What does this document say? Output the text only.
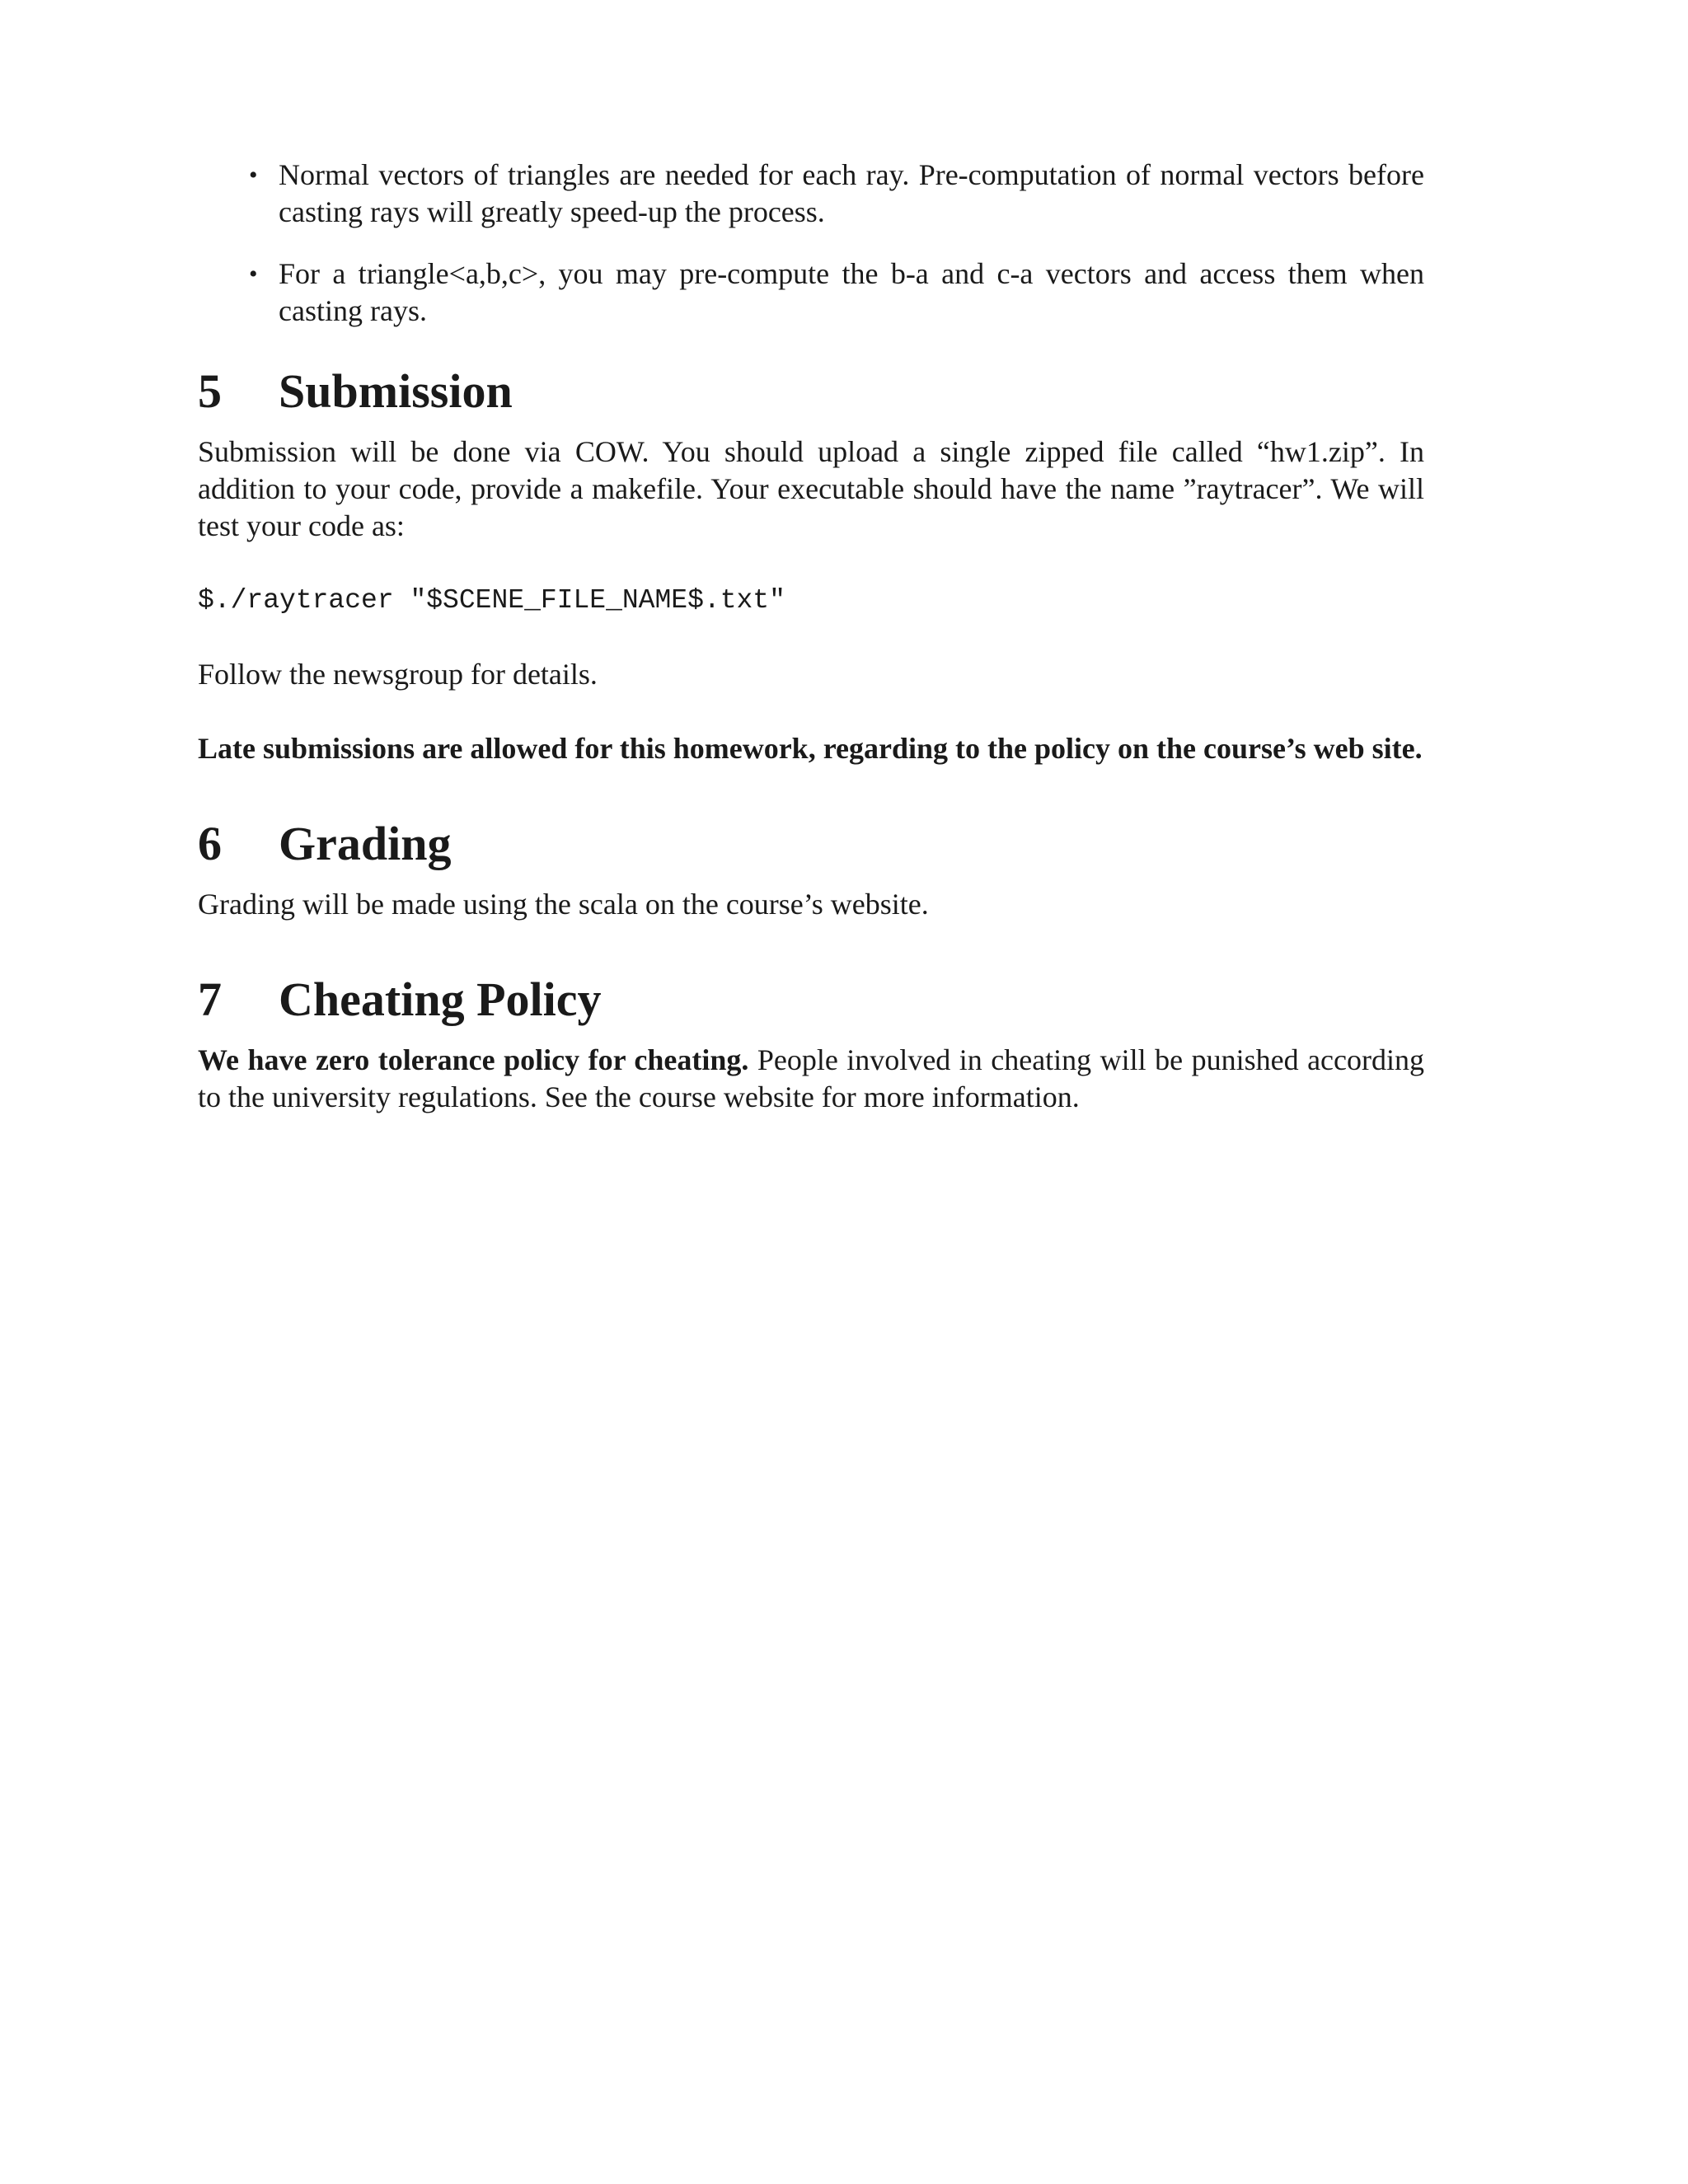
• Normal vectors of triangles are needed for each ray. Pre-computation of normal vectors before casting rays will greatly speed-up the process.
• For a triangle<a,b,c>, you may pre-compute the b-a and c-a vectors and access them when casting rays.
5	Submission

Submission will be done via COW. You should upload a single zipped file called “hw1.zip”. In addition to your code, provide a makefile. Your executable should have the name ”raytracer”. We will test your code as:

$./raytracer "$SCENE_FILE_NAME$.txt"

Follow the newsgroup for details.

Late submissions are allowed for this homework, regarding to the policy on the course’s web site.

6	Grading

Grading will be made using the scala on the course’s website.

7	Cheating Policy

We have zero tolerance policy for cheating. People involved in cheating will be punished according to the university regulations. See the course website for more information.
